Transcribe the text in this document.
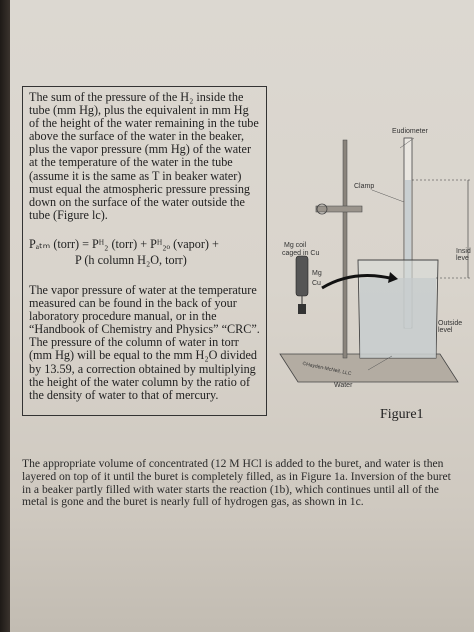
The sum of the pressure of the H₂ inside the tube (mm Hg), plus the equivalent in mm Hg of the height of the water remaining in the tube above the surface of the water in the beaker, plus the vapor pressure (mm Hg) of the water at the temperature of the water in the tube (assume it is the same as T in beaker water) must equal the atmospheric pressure pressing down on the surface of the water outside the tube (Figure lc).

Pₐₜₘ (torr) = Pᴴ₂ (torr) + Pᴴ₂ₒ (vapor) +
P (h column H₂O, torr)

The vapor pressure of water at the temperature measured can be found in the back of your laboratory procedure manual, or in the “Handbook of Chemistry and Physics” “CRC”. The pressure of the column of water in torr (mm Hg) will be equal to the mm H₂O divided by 13.59, a correction obtained by multiplying the height of the water column by the ratio of the density of water to that of mercury.

Eudiometer
Clamp
Mg coil
caged in Cu
Mg
Cu
Insid leve
Outside level
Water
©Hayden-McNeil, LLC
Figure1

The appropriate volume of concentrated (12 M HCl is added to the buret, and water is then layered on top of it until the buret is completely filled, as in Figure 1a. Inversion of the buret in a beaker partly filled with water starts the reaction (1b), which continues until all of the metal is gone and the buret is nearly full of hydrogen gas, as shown in 1c.
